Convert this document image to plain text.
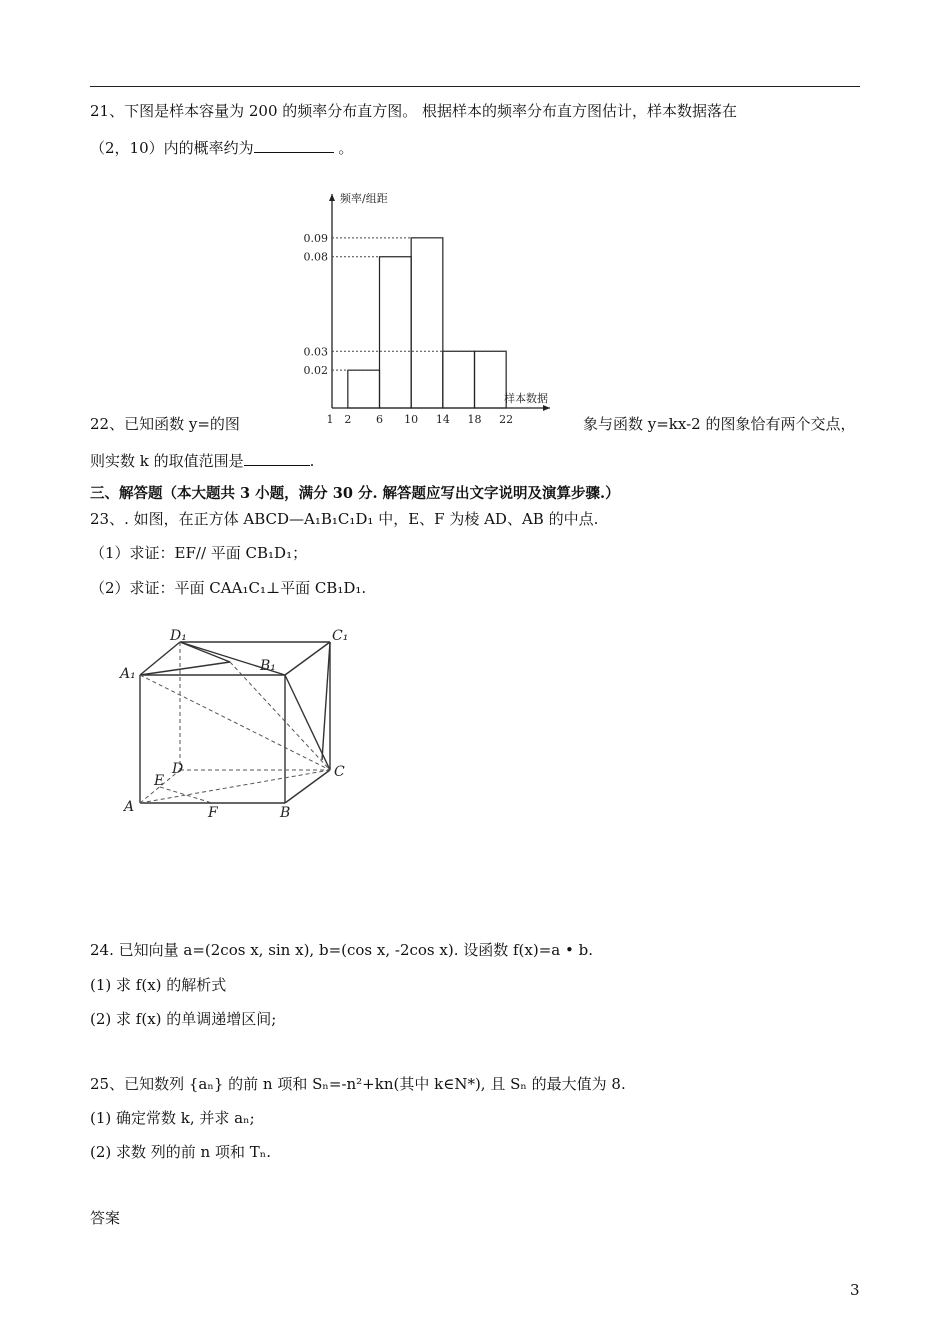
21、下图是样本容量为 200 的频率分布直方图。 根据样本的频率分布直方图估计，样本数据落在
（2，10）内的概率约为	。
0.02
0.03
0.08
0.09
2 6 10 14 18 22
1
频率/组距
样本数据
22、已知函数 y=的图	象与函数 y=kx-2 的图象恰有两个交点，
则实数 k 的取值范围是	.
三、解答题（本大题共 3 小题，满分 30 分. 解答题应写出文字说明及演算步骤.）
23、. 如图，在正方体 ABCD—A₁B₁C₁D₁ 中，E、F 为棱 AD、AB 的中点.
（1）求证：EF// 平面 CB₁D₁；
（2）求证：平面 CAA₁C₁⊥平面 CB₁D₁.
D₁	C₁
A₁	B₁
D	C
E
A	F	B
24. 已知向量 a=(2cos x, sin x), b=(cos x, -2cos x). 设函数 f(x)=a • b.
(1) 求 f(x) 的解析式
(2) 求 f(x) 的单调递增区间;
25、已知数列 {aₙ} 的前 n 项和 Sₙ=-n²+kn(其中 k∈N*), 且 Sₙ 的最大值为 8.
(1) 确定常数 k, 并求 aₙ;
(2) 求数 列的前 n 项和 Tₙ.
答案
3
